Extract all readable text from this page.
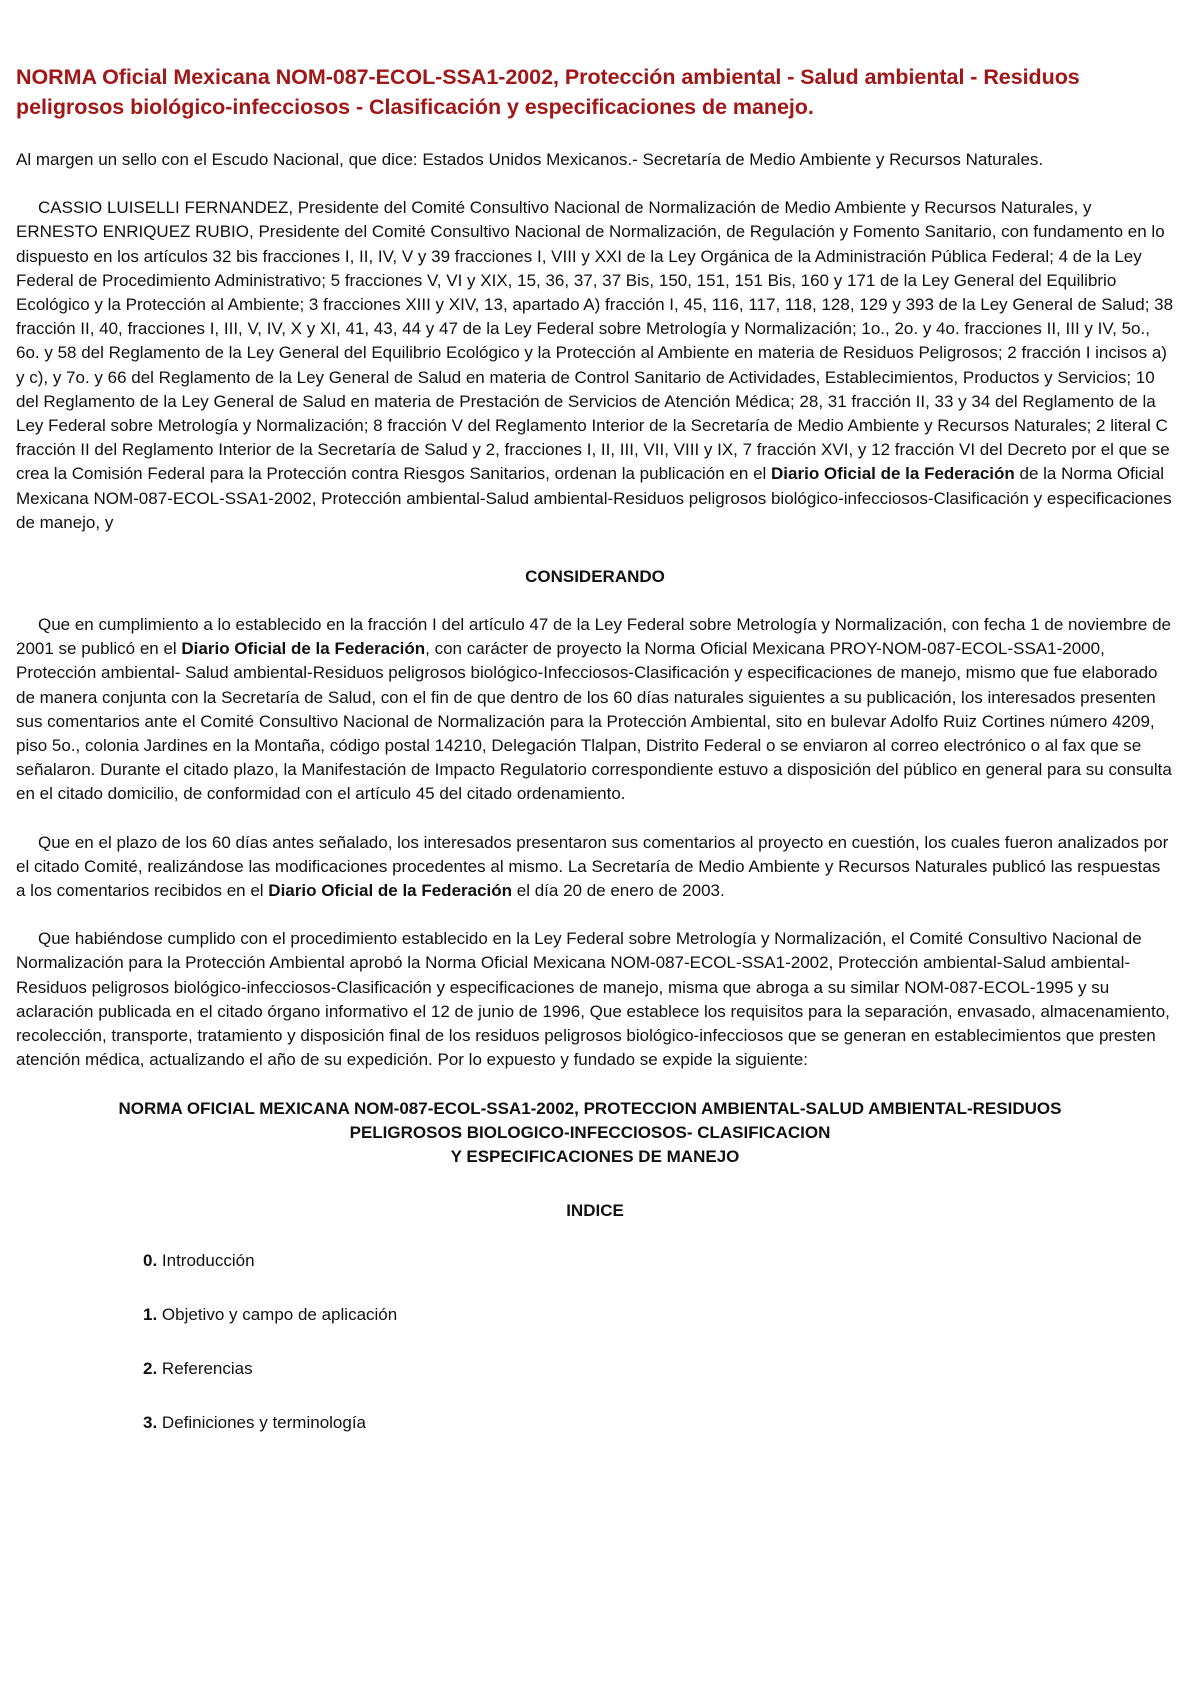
NORMA Oficial Mexicana NOM-087-ECOL-SSA1-2002, Protección ambiental - Salud ambiental - Residuos peligrosos biológico-infecciosos - Clasificación y especificaciones de manejo.

Al margen un sello con el Escudo Nacional, que dice: Estados Unidos Mexicanos.- Secretaría de Medio Ambiente y Recursos Naturales.

CASSIO LUISELLI FERNANDEZ, Presidente del Comité Consultivo Nacional de Normalización de Medio Ambiente y Recursos Naturales, y ERNESTO ENRIQUEZ RUBIO, Presidente del Comité Consultivo Nacional de Normalización, de Regulación y Fomento Sanitario, con fundamento en lo dispuesto en los artículos 32 bis fracciones I, II, IV, V y 39 fracciones I, VIII y XXI de la Ley Orgánica de la Administración Pública Federal; 4 de la Ley Federal de Procedimiento Administrativo; 5 fracciones V, VI y XIX, 15, 36, 37, 37 Bis, 150, 151, 151 Bis, 160 y 171 de la Ley General del Equilibrio Ecológico y la Protección al Ambiente; 3 fracciones XIII y XIV, 13, apartado A) fracción I, 45, 116, 117, 118, 128, 129 y 393 de la Ley General de Salud; 38 fracción II, 40, fracciones I, III, V, IV, X y XI, 41, 43, 44 y 47 de la Ley Federal sobre Metrología y Normalización; 1o., 2o. y 4o. fracciones II, III y IV, 5o., 6o. y 58 del Reglamento de la Ley General del Equilibrio Ecológico y la Protección al Ambiente en materia de Residuos Peligrosos; 2 fracción I incisos a) y c), y 7o. y 66 del Reglamento de la Ley General de Salud en materia de Control Sanitario de Actividades, Establecimientos, Productos y Servicios; 10 del Reglamento de la Ley General de Salud en materia de Prestación de Servicios de Atención Médica; 28, 31 fracción II, 33 y 34 del Reglamento de la Ley Federal sobre Metrología y Normalización; 8 fracción V del Reglamento Interior de la Secretaría de Medio Ambiente y Recursos Naturales; 2 literal C fracción II del Reglamento Interior de la Secretaría de Salud y 2, fracciones I, II, III, VII, VIII y IX, 7 fracción XVI, y 12 fracción VI del Decreto por el que se crea la Comisión Federal para la Protección contra Riesgos Sanitarios, ordenan la publicación en el Diario Oficial de la Federación de la Norma Oficial Mexicana NOM-087-ECOL-SSA1-2002, Protección ambiental-Salud ambiental-Residuos peligrosos biológico-infecciosos-Clasificación y especificaciones de manejo, y

CONSIDERANDO

Que en cumplimiento a lo establecido en la fracción I del artículo 47 de la Ley Federal sobre Metrología y Normalización, con fecha 1 de noviembre de 2001 se publicó en el Diario Oficial de la Federación, con carácter de proyecto la Norma Oficial Mexicana PROY-NOM-087-ECOL-SSA1-2000, Protección ambiental- Salud ambiental-Residuos peligrosos biológico-Infecciosos-Clasificación y especificaciones de manejo, mismo que fue elaborado de manera conjunta con la Secretaría de Salud, con el fin de que dentro de los 60 días naturales siguientes a su publicación, los interesados presenten sus comentarios ante el Comité Consultivo Nacional de Normalización para la Protección Ambiental, sito en bulevar Adolfo Ruiz Cortines número 4209, piso 5o., colonia Jardines en la Montaña, código postal 14210, Delegación Tlalpan, Distrito Federal o se enviaron al correo electrónico o al fax que se señalaron. Durante el citado plazo, la Manifestación de Impacto Regulatorio correspondiente estuvo a disposición del público en general para su consulta en el citado domicilio, de conformidad con el artículo 45 del citado ordenamiento.

Que en el plazo de los 60 días antes señalado, los interesados presentaron sus comentarios al proyecto en cuestión, los cuales fueron analizados por el citado Comité, realizándose las modificaciones procedentes al mismo. La Secretaría de Medio Ambiente y Recursos Naturales publicó las respuestas a los comentarios recibidos en el Diario Oficial de la Federación el día 20 de enero de 2003.

Que habiéndose cumplido con el procedimiento establecido en la Ley Federal sobre Metrología y Normalización, el Comité Consultivo Nacional de Normalización para la Protección Ambiental aprobó la Norma Oficial Mexicana NOM-087-ECOL-SSA1-2002, Protección ambiental-Salud ambiental-Residuos peligrosos biológico-infecciosos-Clasificación y especificaciones de manejo, misma que abroga a su similar NOM-087-ECOL-1995 y su aclaración publicada en el citado órgano informativo el 12 de junio de 1996, Que establece los requisitos para la separación, envasado, almacenamiento, recolección, transporte, tratamiento y disposición final de los residuos peligrosos biológico-infecciosos que se generan en establecimientos que presten atención médica, actualizando el año de su expedición. Por lo expuesto y fundado se expide la siguiente:

NORMA OFICIAL MEXICANA NOM-087-ECOL-SSA1-2002, PROTECCION AMBIENTAL-SALUD AMBIENTAL-RESIDUOS PELIGROSOS BIOLOGICO-INFECCIOSOS- CLASIFICACION
Y ESPECIFICACIONES DE MANEJO

INDICE

0. Introducción

1. Objetivo y campo de aplicación

2. Referencias

3. Definiciones y terminología
